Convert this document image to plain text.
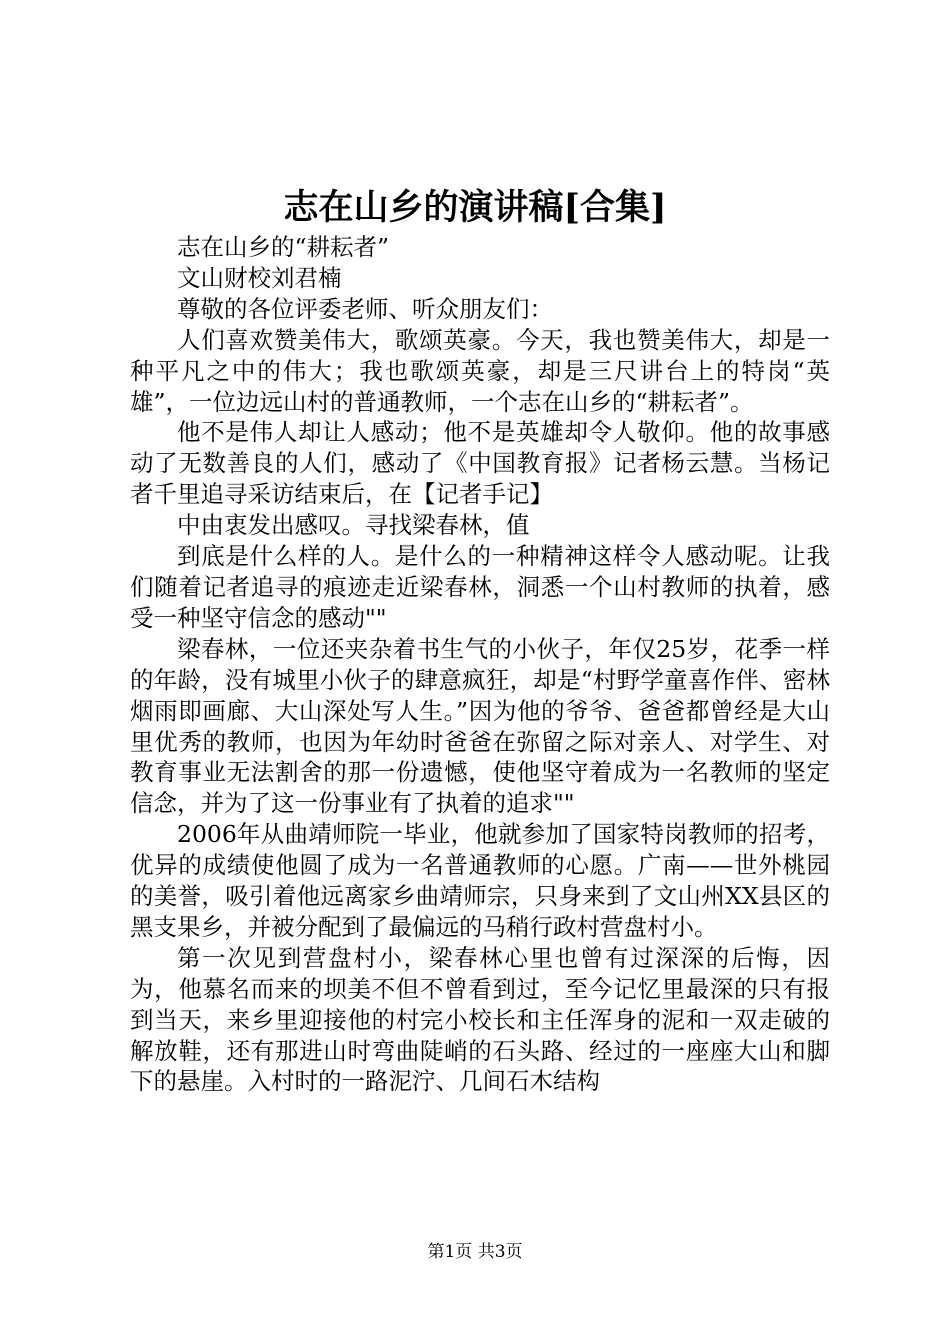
志在山乡的演讲稿[合集]

志在山乡的“耕耘者”

文山财校刘君楠

尊敬的各位评委老师、听众朋友们：

人们喜欢赞美伟大，歌颂英豪。今天，我也赞美伟大，却是一种平凡之中的伟大；我也歌颂英豪，却是三尺讲台上的特岗“英雄”，一位边远山村的普通教师，一个志在山乡的“耕耘者”。

他不是伟人却让人感动；他不是英雄却令人敬仰。他的故事感动了无数善良的人们，感动了《中国教育报》记者杨云慧。当杨记者千里追寻采访结束后，在【记者手记】

中由衷发出感叹。寻找梁春林，值

到底是什么样的人。是什么的一种精神这样令人感动呢。让我们随着记者追寻的痕迹走近梁春林，洞悉一个山村教师的执着，感受一种坚守信念的感动""

梁春林，一位还夹杂着书生气的小伙子，年仅25岁，花季一样的年龄，没有城里小伙子的肆意疯狂，却是“村野学童喜作伴、密林烟雨即画廊、大山深处写人生。”因为他的爷爷、爸爸都曾经是大山里优秀的教师，也因为年幼时爸爸在弥留之际对亲人、对学生、对教育事业无法割舍的那一份遗憾，使他坚守着成为一名教师的坚定信念，并为了这一份事业有了执着的追求""

2006年从曲靖师院一毕业，他就参加了国家特岗教师的招考，优异的成绩使他圆了成为一名普通教师的心愿。广南——世外桃园的美誉，吸引着他远离家乡曲靖师宗，只身来到了文山州XX县区的黑支果乡，并被分配到了最偏远的马稍行政村营盘村小。

第一次见到营盘村小，梁春林心里也曾有过深深的后悔，因为，他慕名而来的坝美不但不曾看到过，至今记忆里最深的只有报到当天，来乡里迎接他的村完小校长和主任浑身的泥和一双走破的解放鞋，还有那进山时弯曲陡峭的石头路、经过的一座座大山和脚下的悬崖。入村时的一路泥泞、几间石木结构

第1页 共3页
